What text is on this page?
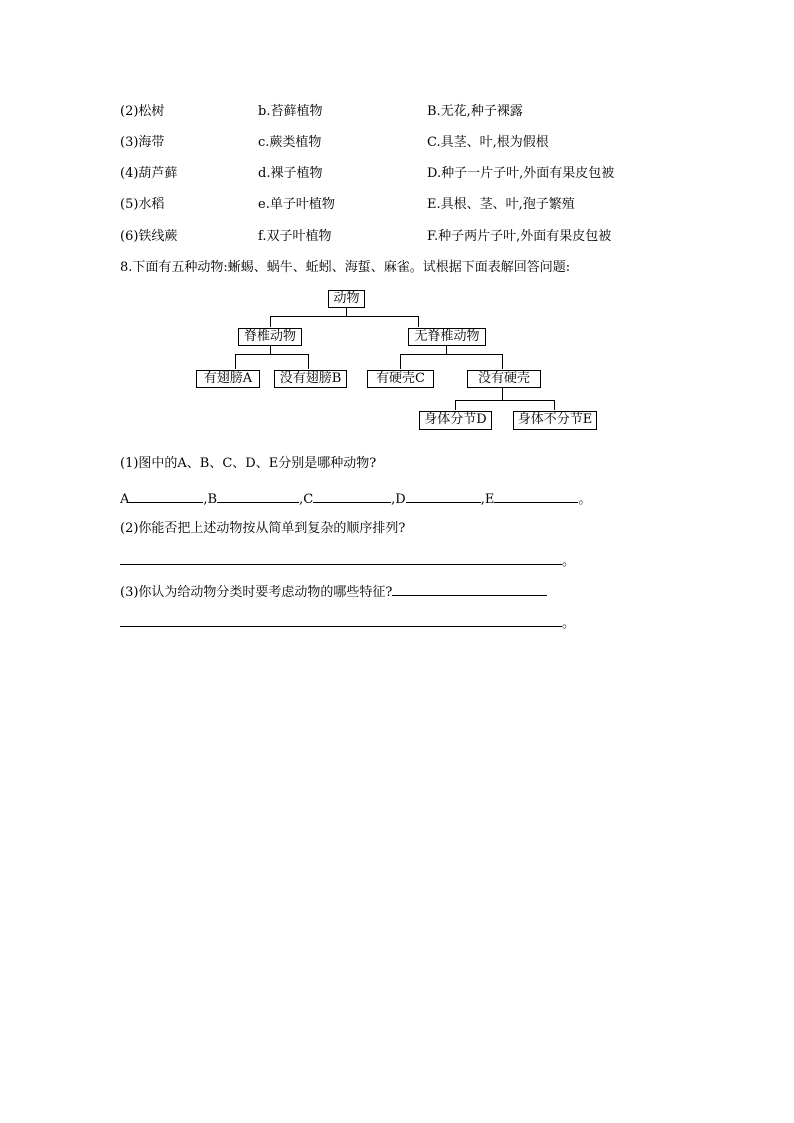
(2)松树	b.苔藓植物	B.无花,种子裸露
(3)海带	c.蕨类植物	C.具茎、叶,根为假根
(4)葫芦藓	d.裸子植物	D.种子一片子叶,外面有果皮包被
(5)水稻	e.单子叶植物	E.具根、茎、叶,孢子繁殖
(6)铁线蕨	f.双子叶植物	F.种子两片子叶,外面有果皮包被
8.下面有五种动物:蜥蜴、蜗牛、蚯蚓、海蜇、麻雀。试根据下面表解回答问题:
动物
脊椎动物	无脊椎动物
有翅膀A	没有翅膀B	有硬壳C	没有硬壳
身体分节D	身体不分节E
(1)图中的A、B、C、D、E分别是哪种动物?
A	,B	,C	,D	,E	。
(2)你能否把上述动物按从简单到复杂的顺序排列?
。
(3)你认为给动物分类时要考虑动物的哪些特征?
。
